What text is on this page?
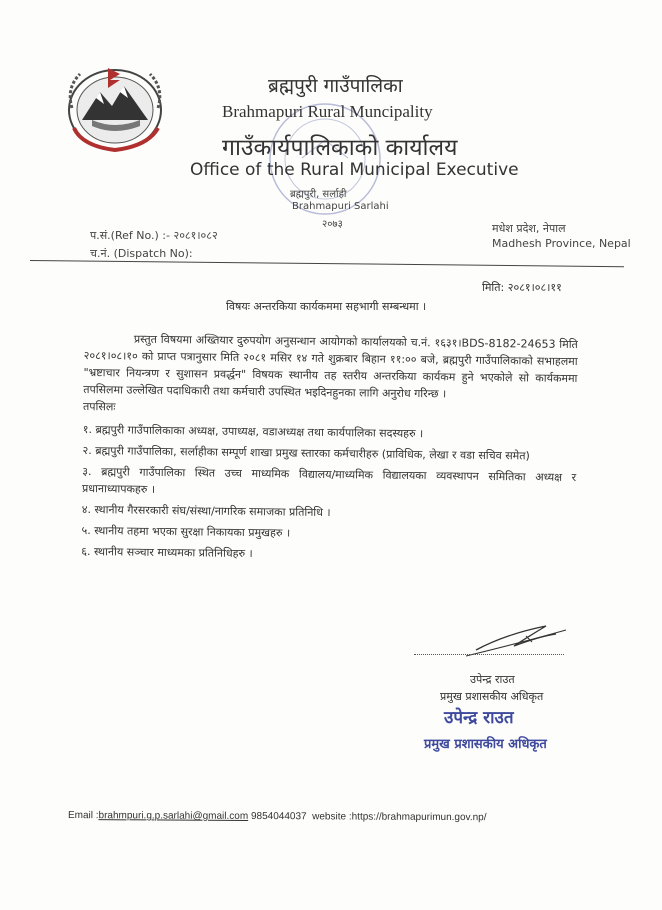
ब्रह्मपुरी गाउँपालिका
Brahmapuri Rural Muncipality
गाउँकार्यपालिकाको कार्यालय
Office of the Rural Municipal Executive
ब्रह्मपुरी, सर्लाही
Brahmapuri Sarlahi
२०७३	मधेश प्रदेश, नेपाल
Madhesh Province, Nepal
प.सं.(Ref No.) :- २०८१।०८२
च.नं. (Dispatch No):
मिति: २०८१।०८।११
विषयः अन्तरकिया कार्यकममा सहभागी सम्बन्धमा ।

प्रस्तुत विषयमा अख्तियार दुरुपयोग अनुसन्धान आयोगको कार्यालयको च.नं. १६३१।BDS-8182-24653 मिति २०८१।०८।१० को प्राप्त पत्रानुसार मिति २०८१ मसिर १४ गते शुक्रबार बिहान ११:०० बजे, ब्रह्मपुरी गाउँपालिकाको सभाहलमा "भ्रष्टाचार नियन्त्रण र सुशासन प्रवर्द्धन" विषयक स्थानीय तह स्तरीय अन्तरकिया कार्यकम हुने भएकोले सो कार्यकममा तपसिलमा उल्लेखित पदाधिकारी तथा कर्मचारी उपस्थित भइदिनहुनका लागि अनुरोध गरिन्छ ।

तपसिलः

१. ब्रह्मपुरी गाउँपालिकाका अध्यक्ष, उपाध्यक्ष, वडाअध्यक्ष तथा कार्यपालिका सदस्यहरु ।
२. ब्रह्मपुरी गाउँपालिका, सर्लाहीका सम्पूर्ण शाखा प्रमुख स्तारका कर्मचारीहरु (प्राविधिक, लेखा र वडा सचिव समेत)
३. ब्रह्मपुरी गाउँपालिका स्थित उच्च माध्यमिक विद्यालय/माध्यमिक विद्यालयका व्यवस्थापन समितिका अध्यक्ष र प्रधानाध्यापकहरु ।
४. स्थानीय गैरसरकारी संघ/संस्था/नागरिक समाजका प्रतिनिधि ।
५. स्थानीय तहमा भएका सुरक्षा निकायका प्रमुखहरु ।
६. स्थानीय सञ्चार माध्यमका प्रतिनिधिहरु ।
उपेन्द्र राउत
प्रमुख प्रशासकीय अधिकृत
उपेन्द्र राउत
प्रमुख प्रशासकीय अधिकृत
Email :brahmpuri.g.p.sarlahi@gmail.com 9854044037 website :https://brahmapurimun.gov.np/
